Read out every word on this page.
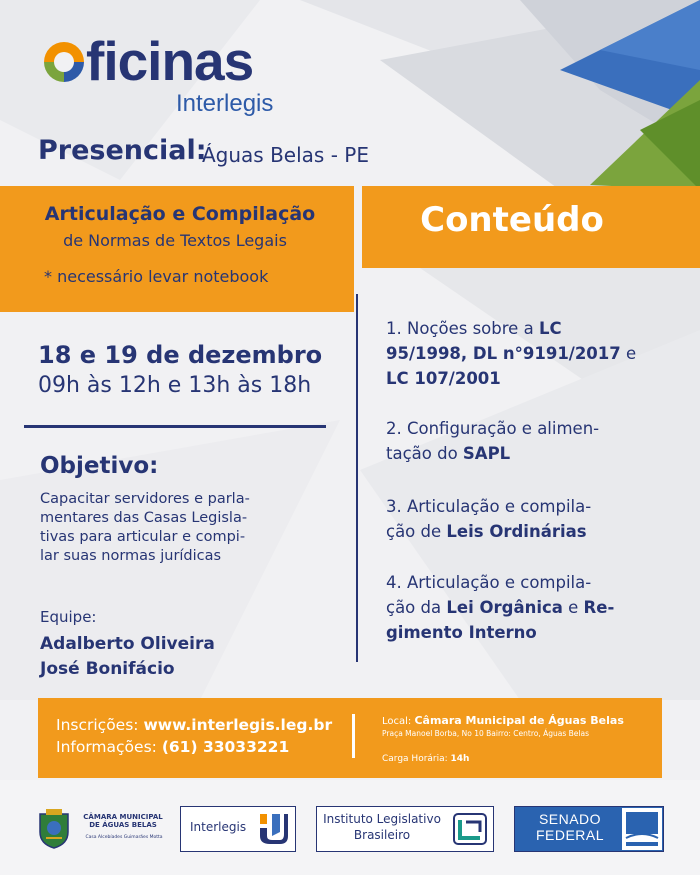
ficinas
Interlegis
Presencial:
Águas Belas - PE
Articulação e Compilação
de Normas de Textos Legais
* necessário levar notebook
Conteúdo
18 e 19 de dezembro
09h às 12h e 13h às 18h
Objetivo:
Capacitar servidores e parla-
mentares das Casas Legisla-
tivas para articular e compi-
lar suas normas jurídicas
Equipe:
Adalberto Oliveira
José Bonifácio
1. Noções sobre a LC
95/1998, DL n°9191/2017 e
LC 107/2001
2. Configuração e alimen-
tação do SAPL
3. Articulação e compila-
ção de Leis Ordinárias
4. Articulação e compila-
ção da Lei Orgânica e Re-
gimento Interno
Inscrições: www.interlegis.leg.br
Informações: (61) 33033221
Local: Câmara Municipal de Águas Belas
Praça Manoel Borba, No 10 Bairro: Centro, Águas Belas
Carga Horária: 14h
CÂMARA MUNICIPAL
DE ÁGUAS BELAS
Casa Alcebíades Guimarães Motta
Interlegis
Instituto Legislativo
Brasileiro
SENADO
FEDERAL
